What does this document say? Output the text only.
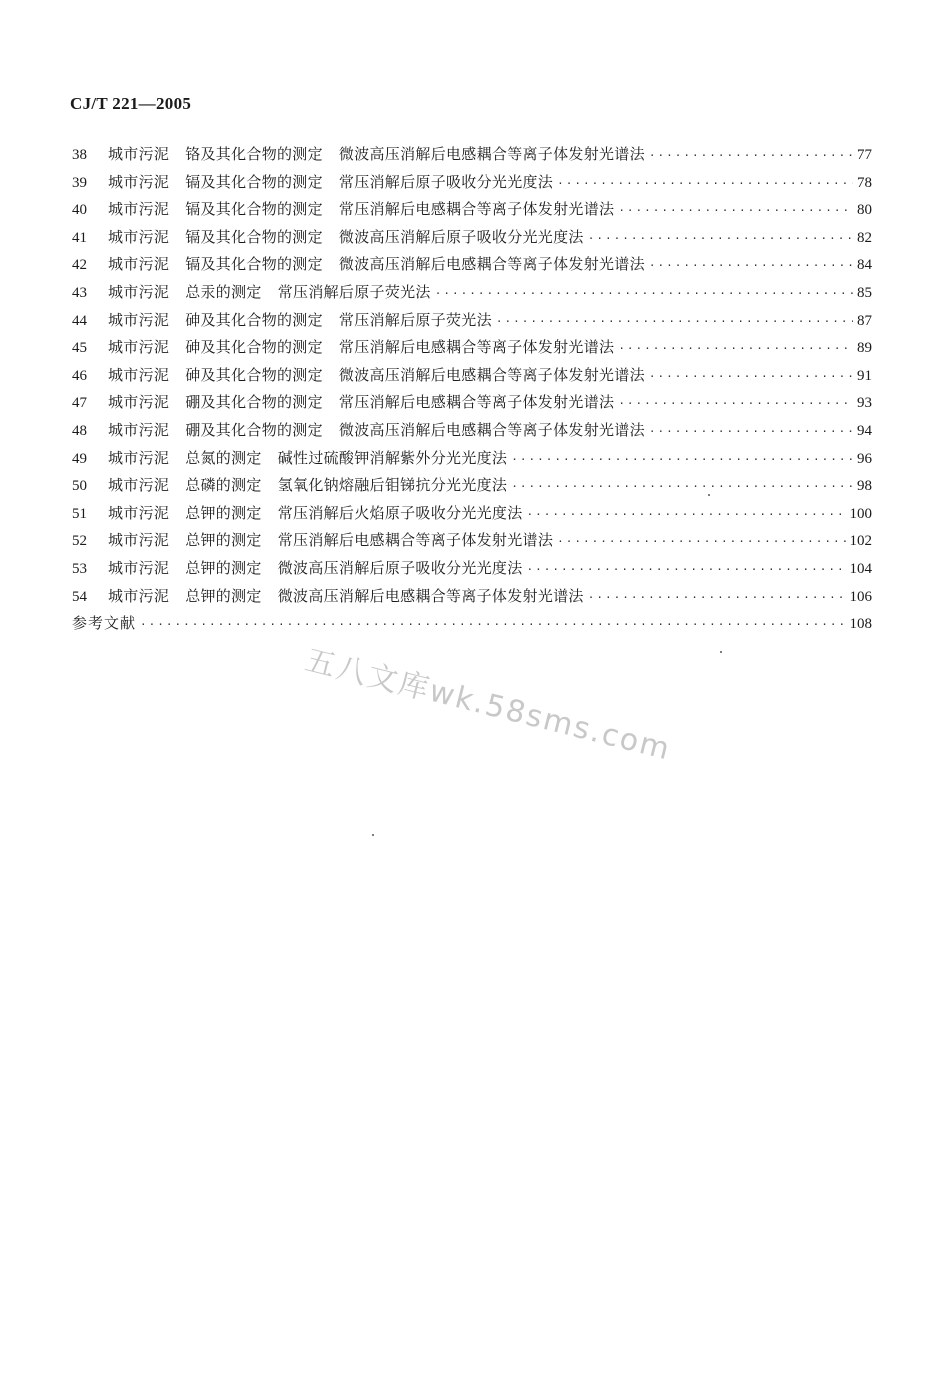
CJ/T 221—2005
38	城市污泥 铬及其化合物的测定 微波高压消解后电感耦合等离子体发射光谱法 ·····	77
39	城市污泥 镉及其化合物的测定 常压消解后原子吸收分光光度法 ·····	78
40	城市污泥 镉及其化合物的测定 常压消解后电感耦合等离子体发射光谱法 ·····	80
41	城市污泥 镉及其化合物的测定 微波高压消解后原子吸收分光光度法 ·····	82
42	城市污泥 镉及其化合物的测定 微波高压消解后电感耦合等离子体发射光谱法 ·····	84
43	城市污泥 总汞的测定 常压消解后原子荧光法 ·····	85
44	城市污泥 砷及其化合物的测定 常压消解后原子荧光法 ·····	87
45	城市污泥 砷及其化合物的测定 常压消解后电感耦合等离子体发射光谱法 ·····	89
46	城市污泥 砷及其化合物的测定 微波高压消解后电感耦合等离子体发射光谱法 ·····	91
47	城市污泥 硼及其化合物的测定 常压消解后电感耦合等离子体发射光谱法 ·····	93
48	城市污泥 硼及其化合物的测定 微波高压消解后电感耦合等离子体发射光谱法 ·····	94
49	城市污泥 总氮的测定 碱性过硫酸钾消解紫外分光光度法 ·····	96
50	城市污泥 总磷的测定 氢氧化钠熔融后钼锑抗分光光度法 ·····	98
51	城市污泥 总钾的测定 常压消解后火焰原子吸收分光光度法 ·····	100
52	城市污泥 总钾的测定 常压消解后电感耦合等离子体发射光谱法 ·····	102
53	城市污泥 总钾的测定 微波高压消解后原子吸收分光光度法 ·····	104
54	城市污泥 总钾的测定 微波高压消解后电感耦合等离子体发射光谱法 ·····	106
参考文献 ·····	108
五八文库wk.58sms.com
